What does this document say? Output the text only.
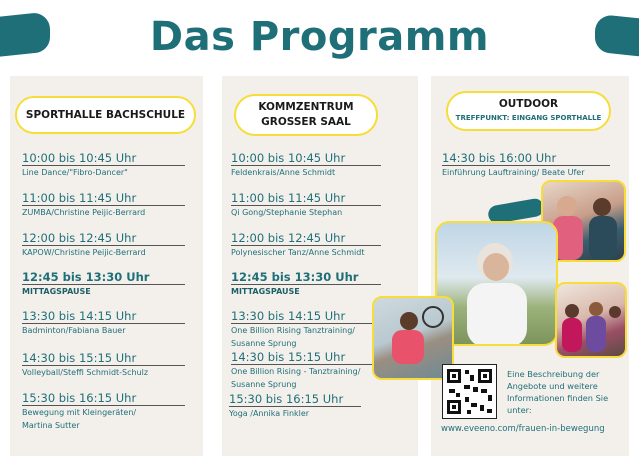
Das Programm
SPORTHALLE BACHSCHULE
KOMMZENTRUM
GROSSER SAAL
OUTDOOR
TREFFPUNKT: EINGANG SPORTHALLE
10:00 bis 10:45 Uhr
Line Dance/"Fibro-Dancer"
11:00 bis 11:45 Uhr
ZUMBA/Christine Peijic-Berrard
12:00 bis 12:45 Uhr
KAPOW/Christine Peijic-Berrard
12:45 bis 13:30 Uhr
MITTAGSPAUSE
13:30 bis 14:15 Uhr
Badminton/Fabiana Bauer
14:30 bis 15:15 Uhr
Volleyball/Steffi Schmidt-Schulz
15:30 bis 16:15 Uhr
Bewegung mit Kleingeräten/
Martina Sutter
10:00 bis 10:45 Uhr
Feldenkrais/Anne Schmidt
11:00 bis 11:45 Uhr
Qi Gong/Stephanie Stephan
12:00 bis 12:45 Uhr
Polynesischer Tanz/Anne Schmidt
12:45 bis 13:30 Uhr
MITTAGSPAUSE
13:30 bis 14:15 Uhr
One Billion Rising Tanztraining/
Susanne Sprung
14:30 bis 15:15 Uhr
One Billion Rising - Tanztraining/
Susanne Sprung
15:30 bis 16:15 Uhr
Yoga /Annika Finkler
14:30 bis 16:00 Uhr
Einführung Lauftraining/ Beate Ufer
Eine Beschreibung der Angebote und weitere Informationen finden Sie unter:
www.eveeno.com/frauen-in-bewegung
